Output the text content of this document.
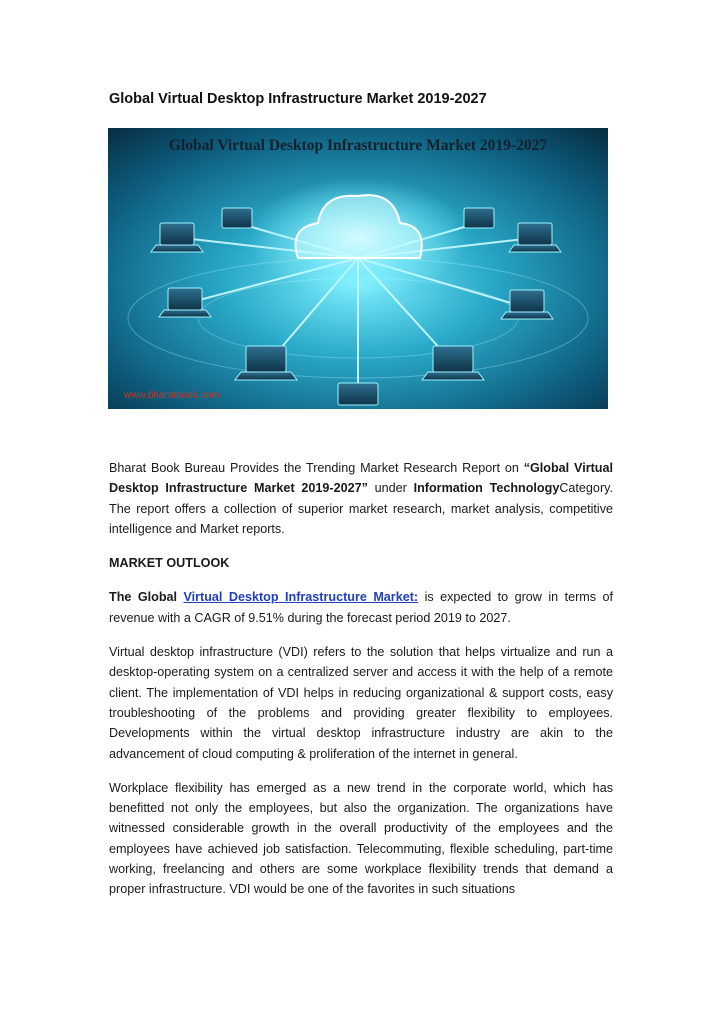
Global Virtual Desktop Infrastructure Market 2019-2027
Global Virtual Desktop Infrastructure Market 2019-2027
www.bharatbook.com

Bharat Book Bureau Provides the Trending Market Research Report on “Global Virtual Desktop Infrastructure Market 2019-2027” under Information TechnologyCategory. The report offers a collection of superior market research, market analysis, competitive intelligence and Market reports.

MARKET OUTLOOK

The Global Virtual Desktop Infrastructure Market: is expected to grow in terms of revenue with a CAGR of 9.51% during the forecast period 2019 to 2027.

Virtual desktop infrastructure (VDI) refers to the solution that helps virtualize and run a desktop-operating system on a centralized server and access it with the help of a remote client. The implementation of VDI helps in reducing organizational & support costs, easy troubleshooting of the problems and providing greater flexibility to employees. Developments within the virtual desktop infrastructure industry are akin to the advancement of cloud computing & proliferation of the internet in general.

Workplace flexibility has emerged as a new trend in the corporate world, which has benefitted not only the employees, but also the organization. The organizations have witnessed considerable growth in the overall productivity of the employees and the employees have achieved job satisfaction. Telecommuting, flexible scheduling, part-time working, freelancing and others are some workplace flexibility trends that demand a proper infrastructure. VDI would be one of the favorites in such situations
